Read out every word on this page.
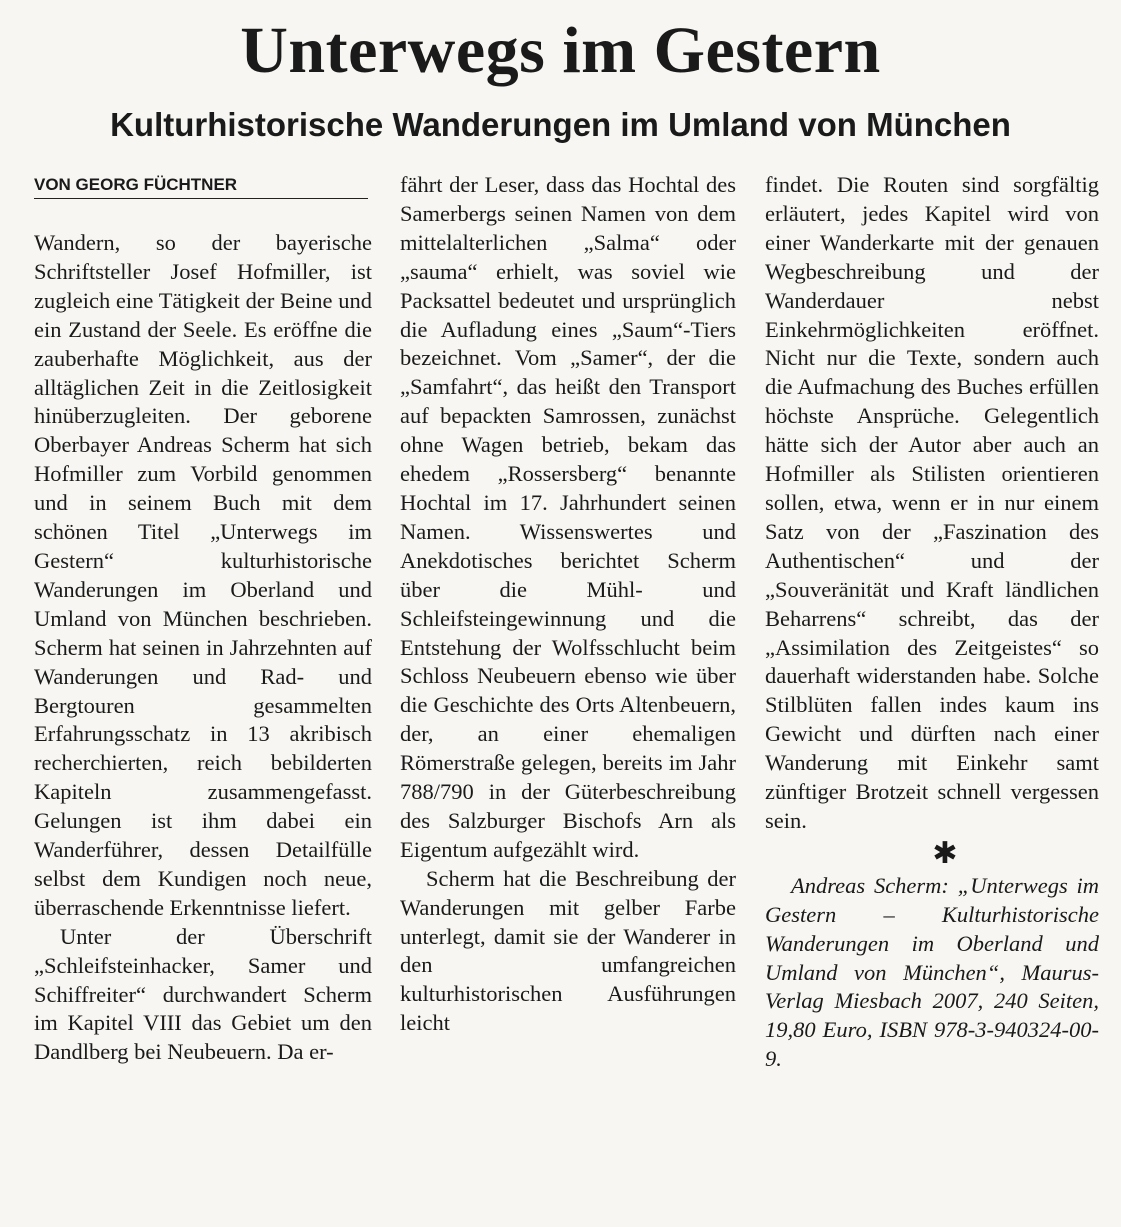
Unterwegs im Gestern
Kulturhistorische Wanderungen im Umland von München
VON GEORG FÜCHTNER

Wandern, so der bayerische Schriftsteller Josef Hofmiller, ist zugleich eine Tätigkeit der Beine und ein Zustand der Seele. Es eröffne die zauberhafte Möglichkeit, aus der alltäglichen Zeit in die Zeitlosigkeit hinüberzugleiten. Der geborene Oberbayer Andreas Scherm hat sich Hofmiller zum Vorbild genommen und in seinem Buch mit dem schönen Titel „Unterwegs im Gestern“ kulturhistorische Wanderungen im Oberland und Umland von München beschrieben. Scherm hat seinen in Jahrzehnten auf Wanderungen und Rad- und Bergtouren gesammelten Erfahrungsschatz in 13 akribisch recherchierten, reich bebilderten Kapiteln zusammengefasst. Gelungen ist ihm dabei ein Wanderführer, dessen Detailfülle selbst dem Kundigen noch neue, überraschende Erkenntnisse liefert.

Unter der Überschrift „Schleifsteinhacker, Samer und Schiffreiter“ durchwandert Scherm im Kapitel VIII das Gebiet um den Dandlberg bei Neubeuern. Da er-

fährt der Leser, dass das Hochtal des Samerbergs seinen Namen von dem mittelalterlichen „Salma“ oder „sauma“ erhielt, was soviel wie Packsattel bedeutet und ursprünglich die Aufladung eines „Saum“-Tiers bezeichnet. Vom „Samer“, der die „Samfahrt“, das heißt den Transport auf bepackten Samrossen, zunächst ohne Wagen betrieb, bekam das ehedem „Rossersberg“ benannte Hochtal im 17. Jahrhundert seinen Namen. Wissenswertes und Anekdotisches berichtet Scherm über die Mühl- und Schleifsteingewinnung und die Entstehung der Wolfsschlucht beim Schloss Neubeuern ebenso wie über die Geschichte des Orts Altenbeuern, der, an einer ehemaligen Römerstraße gelegen, bereits im Jahr 788/790 in der Güterbeschreibung des Salzburger Bischofs Arn als Eigentum aufgezählt wird.

Scherm hat die Beschreibung der Wanderungen mit gelber Farbe unterlegt, damit sie der Wanderer in den umfangreichen kulturhistorischen Ausführungen leicht

findet. Die Routen sind sorgfältig erläutert, jedes Kapitel wird von einer Wanderkarte mit der genauen Wegbeschreibung und der Wanderdauer nebst Einkehrmöglichkeiten eröffnet. Nicht nur die Texte, sondern auch die Aufmachung des Buches erfüllen höchste Ansprüche. Gelegentlich hätte sich der Autor aber auch an Hofmiller als Stilisten orientieren sollen, etwa, wenn er in nur einem Satz von der „Faszination des Authentischen“ und der „Souveränität und Kraft ländlichen Beharrens“ schreibt, das der „Assimilation des Zeitgeistes“ so dauerhaft widerstanden habe. Solche Stilblüten fallen indes kaum ins Gewicht und dürften nach einer Wanderung mit Einkehr samt zünftiger Brotzeit schnell vergessen sein.

✱

Andreas Scherm: „Unterwegs im Gestern – Kulturhistorische Wanderungen im Oberland und Umland von München“, Maurus-Verlag Miesbach 2007, 240 Seiten, 19,80 Euro, ISBN 978-3-940324-00-9.
